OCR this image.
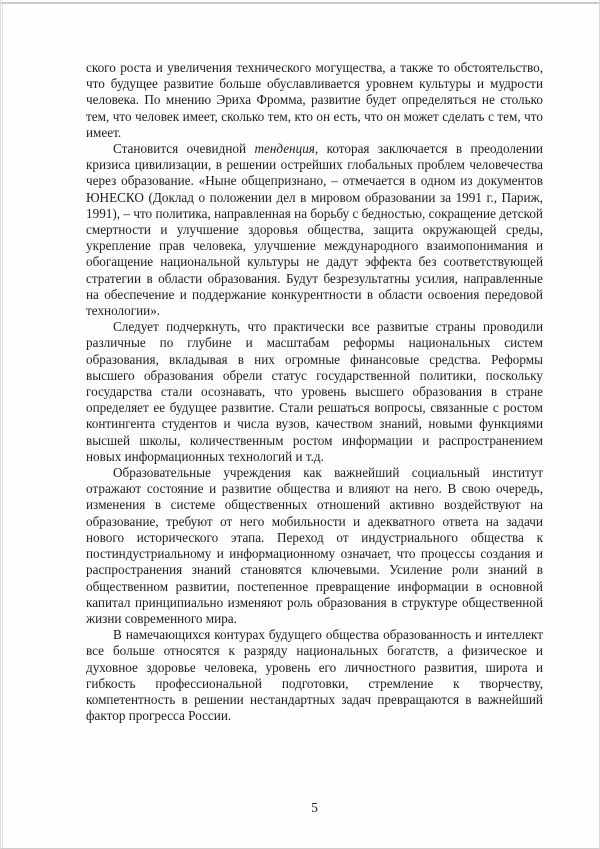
ского роста и увеличения технического могущества, а также то обстоятельство, что будущее развитие больше обуславливается уровнем культуры и мудрости человека. По мнению Эриха Фромма, развитие будет определяться не столько тем, что человек имеет, сколько тем, кто он есть, что он может сделать с тем, что имеет.

Становится очевидной тенденция, которая заключается в преодолении кризиса цивилизации, в решении острейших глобальных проблем человечества через образование. «Ныне общепризнано, – отмечается в одном из документов ЮНЕСКО (Доклад о положении дел в мировом образовании за 1991 г., Париж, 1991), – что политика, направленная на борьбу с бедностью, сокращение детской смертности и улучшение здоровья общества, защита окружающей среды, укрепление прав человека, улучшение международного взаимопонимания и обогащение национальной культуры не дадут эффекта без соответствующей стратегии в области образования. Будут безрезультатны усилия, направленные на обеспечение и поддержание конкурентности в области освоения передовой технологии».

Следует подчеркнуть, что практически все развитые страны проводили различные по глубине и масштабам реформы национальных систем образования, вкладывая в них огромные финансовые средства. Реформы высшего образования обрели статус государственной политики, поскольку государства стали осознавать, что уровень высшего образования в стране определяет ее будущее развитие. Стали решаться вопросы, связанные с ростом контингента студентов и числа вузов, качеством знаний, новыми функциями высшей школы, количественным ростом информации и распространением новых информационных технологий и т.д.

Образовательные учреждения как важнейший социальный институт отражают состояние и развитие общества и влияют на него. В свою очередь, изменения в системе общественных отношений активно воздействуют на образование, требуют от него мобильности и адекватного ответа на задачи нового исторического этапа. Переход от индустриального общества к постиндустриальному и информационному означает, что процессы создания и распространения знаний становятся ключевыми. Усиление роли знаний в общественном развитии, постепенное превращение информации в основной капитал принципиально изменяют роль образования в структуре общественной жизни современного мира.

В намечающихся контурах будущего общества образованность и интеллект все больше относятся к разряду национальных богатств, а физическое и духовное здоровье человека, уровень его личностного развития, широта и гибкость профессиональной подготовки, стремление к творчеству, компетентность в решении нестандартных задач превращаются в важнейший фактор прогресса России.

5
